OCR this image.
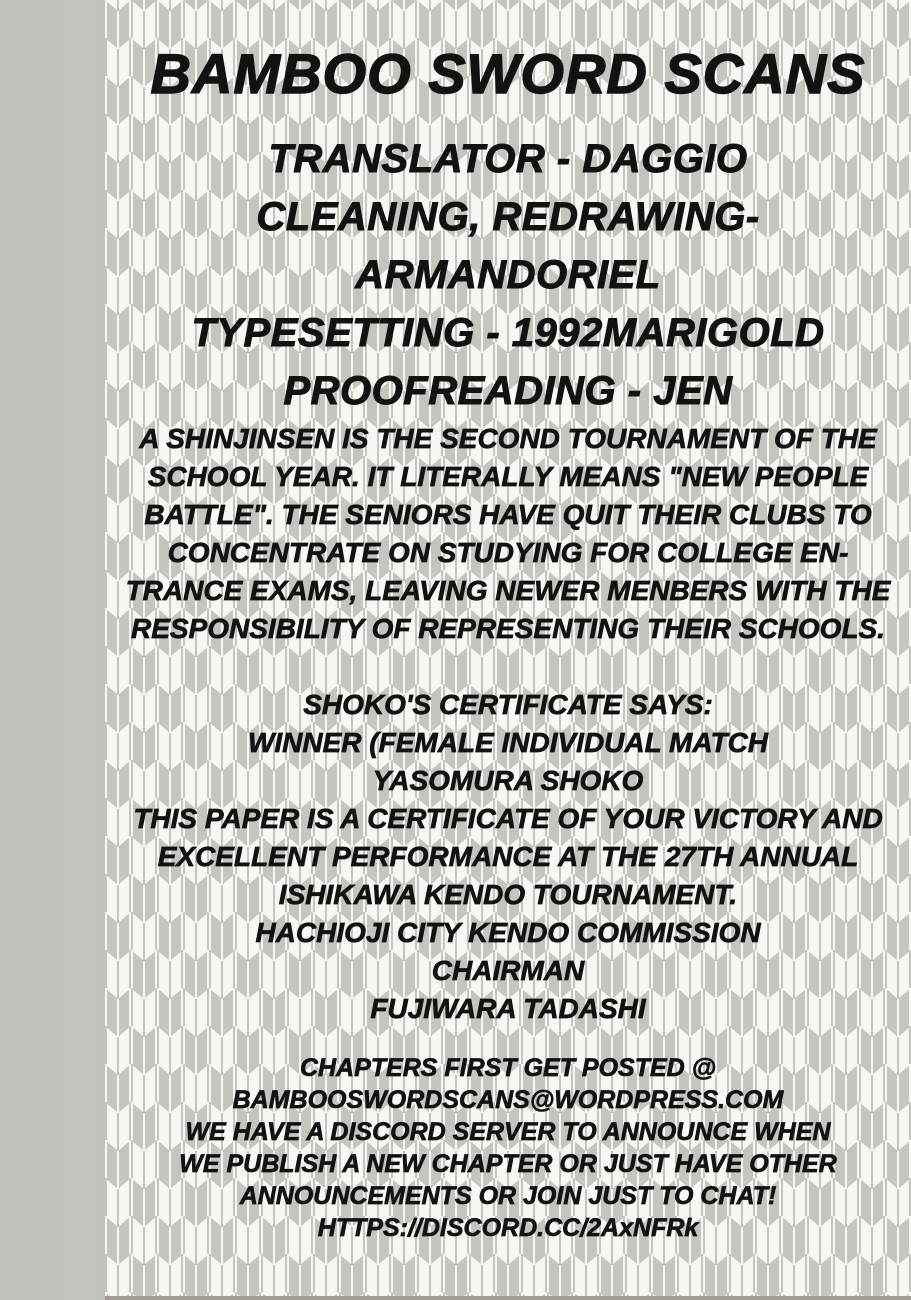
BAMBOO SWORD SCANS
TRANSLATOR - DAGGIO
CLEANING, REDRAWING-
ARMANDORIEL
TYPESETTING - 1992MARIGOLD
PROOFREADING - JEN
A SHINJINSEN IS THE SECOND TOURNAMENT OF THE
SCHOOL YEAR. IT LITERALLY MEANS "NEW PEOPLE
BATTLE". THE SENIORS HAVE QUIT THEIR CLUBS TO
CONCENTRATE ON STUDYING FOR COLLEGE EN-
TRANCE EXAMS, LEAVING NEWER MENBERS WITH THE
RESPONSIBILITY OF REPRESENTING THEIR SCHOOLS.
SHOKO'S CERTIFICATE SAYS:
WINNER (FEMALE INDIVIDUAL MATCH
YASOMURA SHOKO
THIS PAPER IS A CERTIFICATE OF YOUR VICTORY AND
EXCELLENT PERFORMANCE AT THE 27TH ANNUAL
ISHIKAWA KENDO TOURNAMENT.
HACHIOJI CITY KENDO COMMISSION
CHAIRMAN
FUJIWARA TADASHI
CHAPTERS FIRST GET POSTED @
BAMBOOSWORDSCANS@WORDPRESS.COM
WE HAVE A DISCORD SERVER TO ANNOUNCE WHEN
WE PUBLISH A NEW CHAPTER OR JUST HAVE OTHER
ANNOUNCEMENTS OR JOIN JUST TO CHAT!
HTTPS://DISCORD.CC/2AxNFRk
